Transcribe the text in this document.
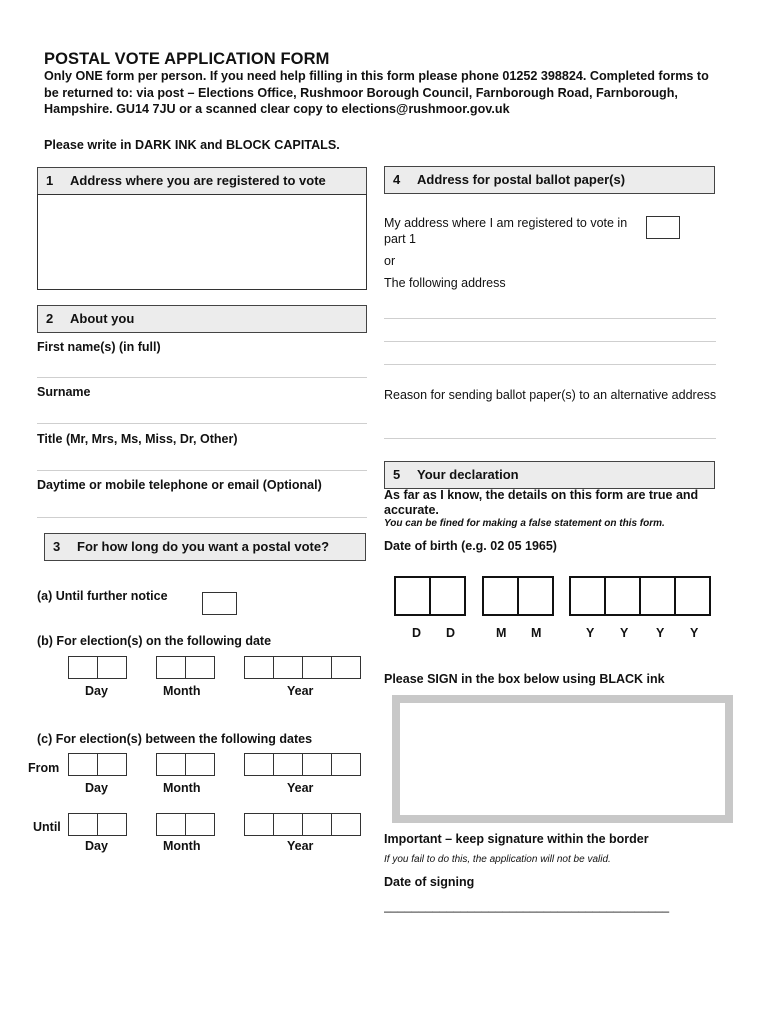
POSTAL VOTE APPLICATION FORM
Only ONE form per person. If you need help filling in this form please phone 01252 398824. Completed forms to be returned to: via post – Elections Office, Rushmoor Borough Council, Farnborough Road, Farnborough, Hampshire. GU14 7JU or a scanned clear copy to elections@rushmoor.gov.uk
Please write in DARK INK and BLOCK CAPITALS.
1 Address where you are registered to vote
2 About you
First name(s) (in full)
Surname
Title (Mr, Mrs, Ms, Miss, Dr, Other)
Daytime or mobile telephone or email (Optional)
3 For how long do you want a postal vote?
(a) Until further notice
(b) For election(s) on the following date
Day	Month	Year
(c) For election(s) between the following dates
From
Day	Month	Year
Until
Day	Month	Year
4 Address for postal ballot paper(s)
My address where I am registered to vote in part 1
or
The following address
Reason for sending ballot paper(s) to an alternative address
5 Your declaration
As far as I know, the details on this form are true and accurate.
You can be fined for making a false statement on this form.
Date of birth (e.g. 02 05 1965)
D D	M M	Y Y Y Y
Please SIGN in the box below using BLACK ink
Important – keep signature within the border
If you fail to do this, the application will not be valid.
Date of signing
_________________________________________
